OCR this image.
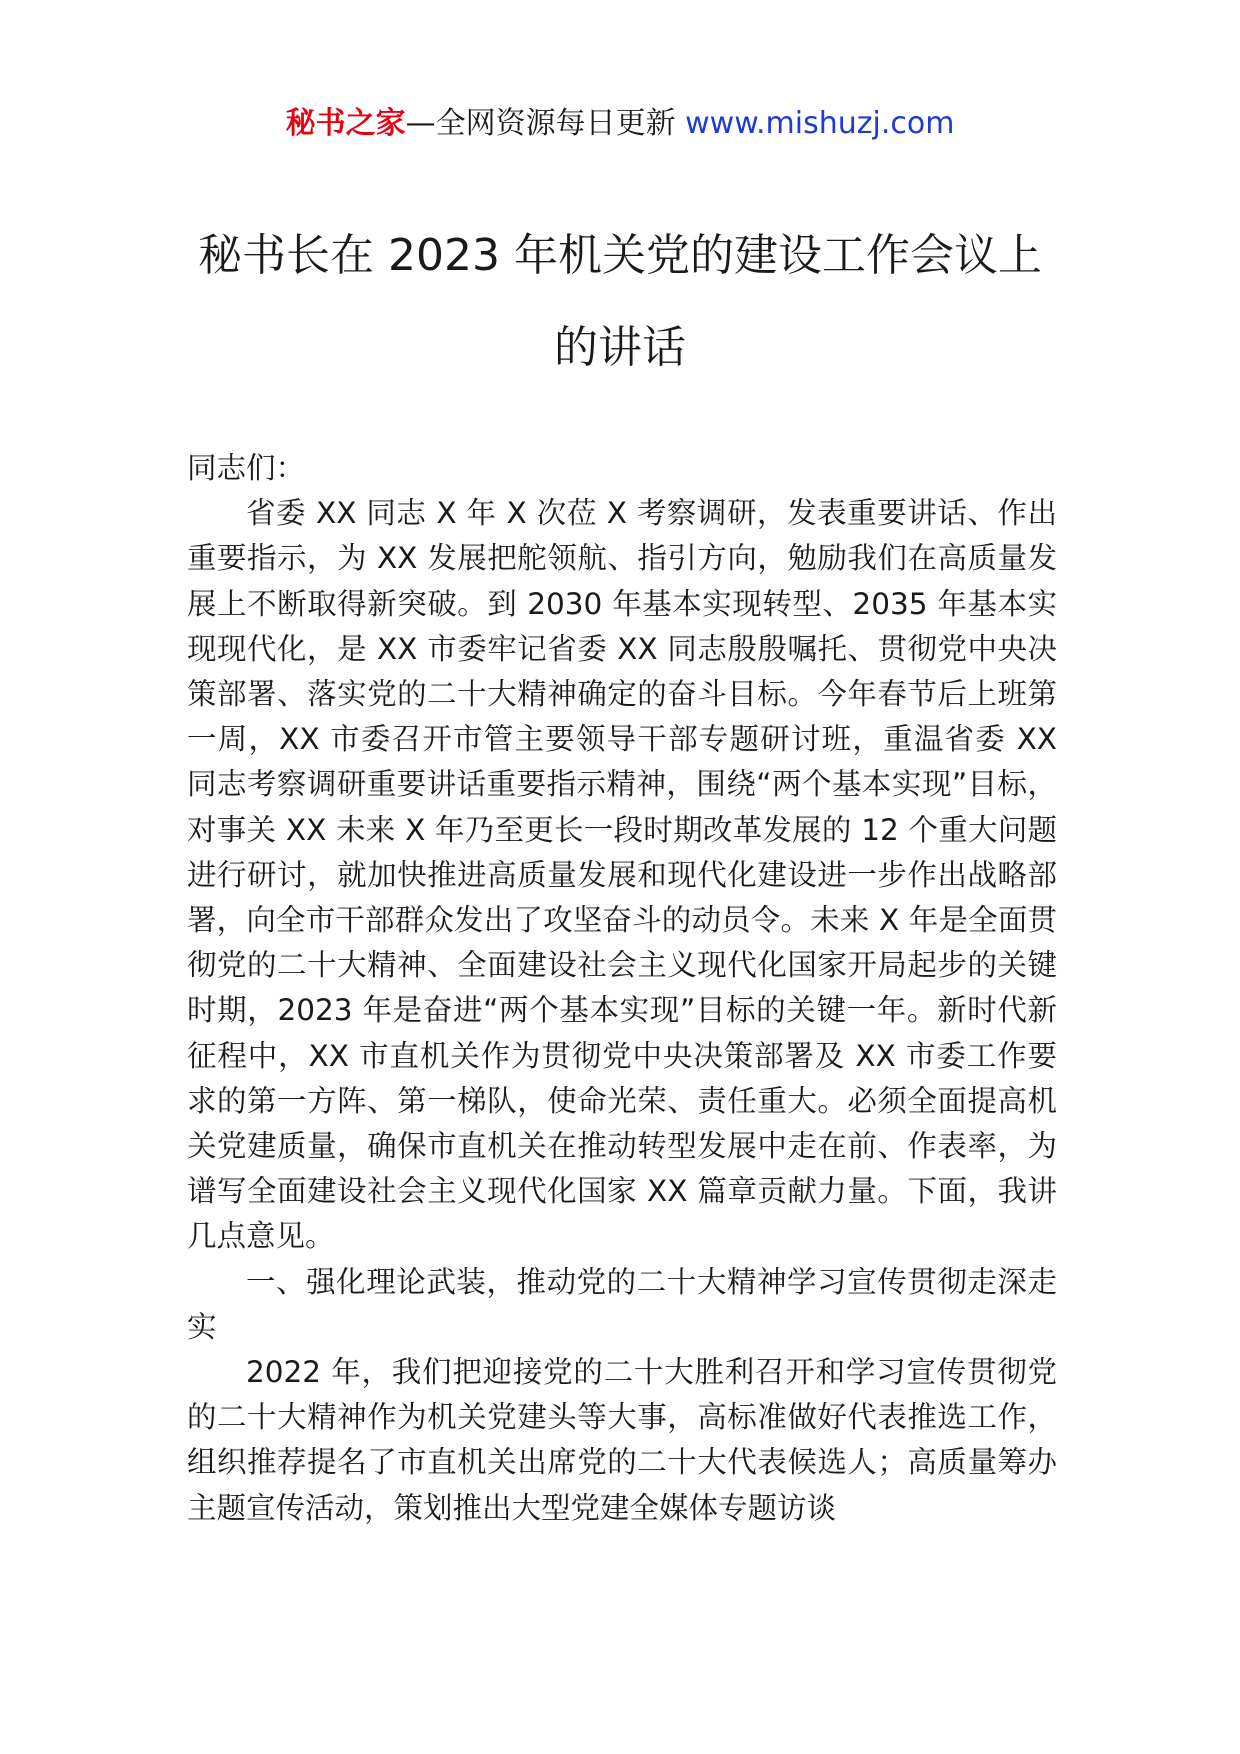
秘书之家—全网资源每日更新 www.mishuzj.com
秘书长在 2023 年机关党的建设工作会议上
的讲话

同志们：

省委 XX 同志 X 年 X 次莅 X 考察调研，发表重要讲话、作出重要指示，为 XX 发展把舵领航、指引方向，勉励我们在高质量发展上不断取得新突破。到 2030 年基本实现转型、2035 年基本实现现代化，是 XX 市委牢记省委 XX 同志殷殷嘱托、贯彻党中央决策部署、落实党的二十大精神确定的奋斗目标。今年春节后上班第一周，XX 市委召开市管主要领导干部专题研讨班，重温省委 XX 同志考察调研重要讲话重要指示精神，围绕“两个基本实现”目标，对事关 XX 未来 X 年乃至更长一段时期改革发展的 12 个重大问题进行研讨，就加快推进高质量发展和现代化建设进一步作出战略部署，向全市干部群众发出了攻坚奋斗的动员令。未来 X 年是全面贯彻党的二十大精神、全面建设社会主义现代化国家开局起步的关键时期，2023 年是奋进“两个基本实现”目标的关键一年。新时代新征程中，XX 市直机关作为贯彻党中央决策部署及 XX 市委工作要求的第一方阵、第一梯队，使命光荣、责任重大。必须全面提高机关党建质量，确保市直机关在推动转型发展中走在前、作表率，为谱写全面建设社会主义现代化国家 XX 篇章贡献力量。下面，我讲几点意见。

一、强化理论武装，推动党的二十大精神学习宣传贯彻走深走实

2022 年，我们把迎接党的二十大胜利召开和学习宣传贯彻党的二十大精神作为机关党建头等大事，高标准做好代表推选工作，组织推荐提名了市直机关出席党的二十大代表候选人；高质量筹办主题宣传活动，策划推出大型党建全媒体专题访谈
